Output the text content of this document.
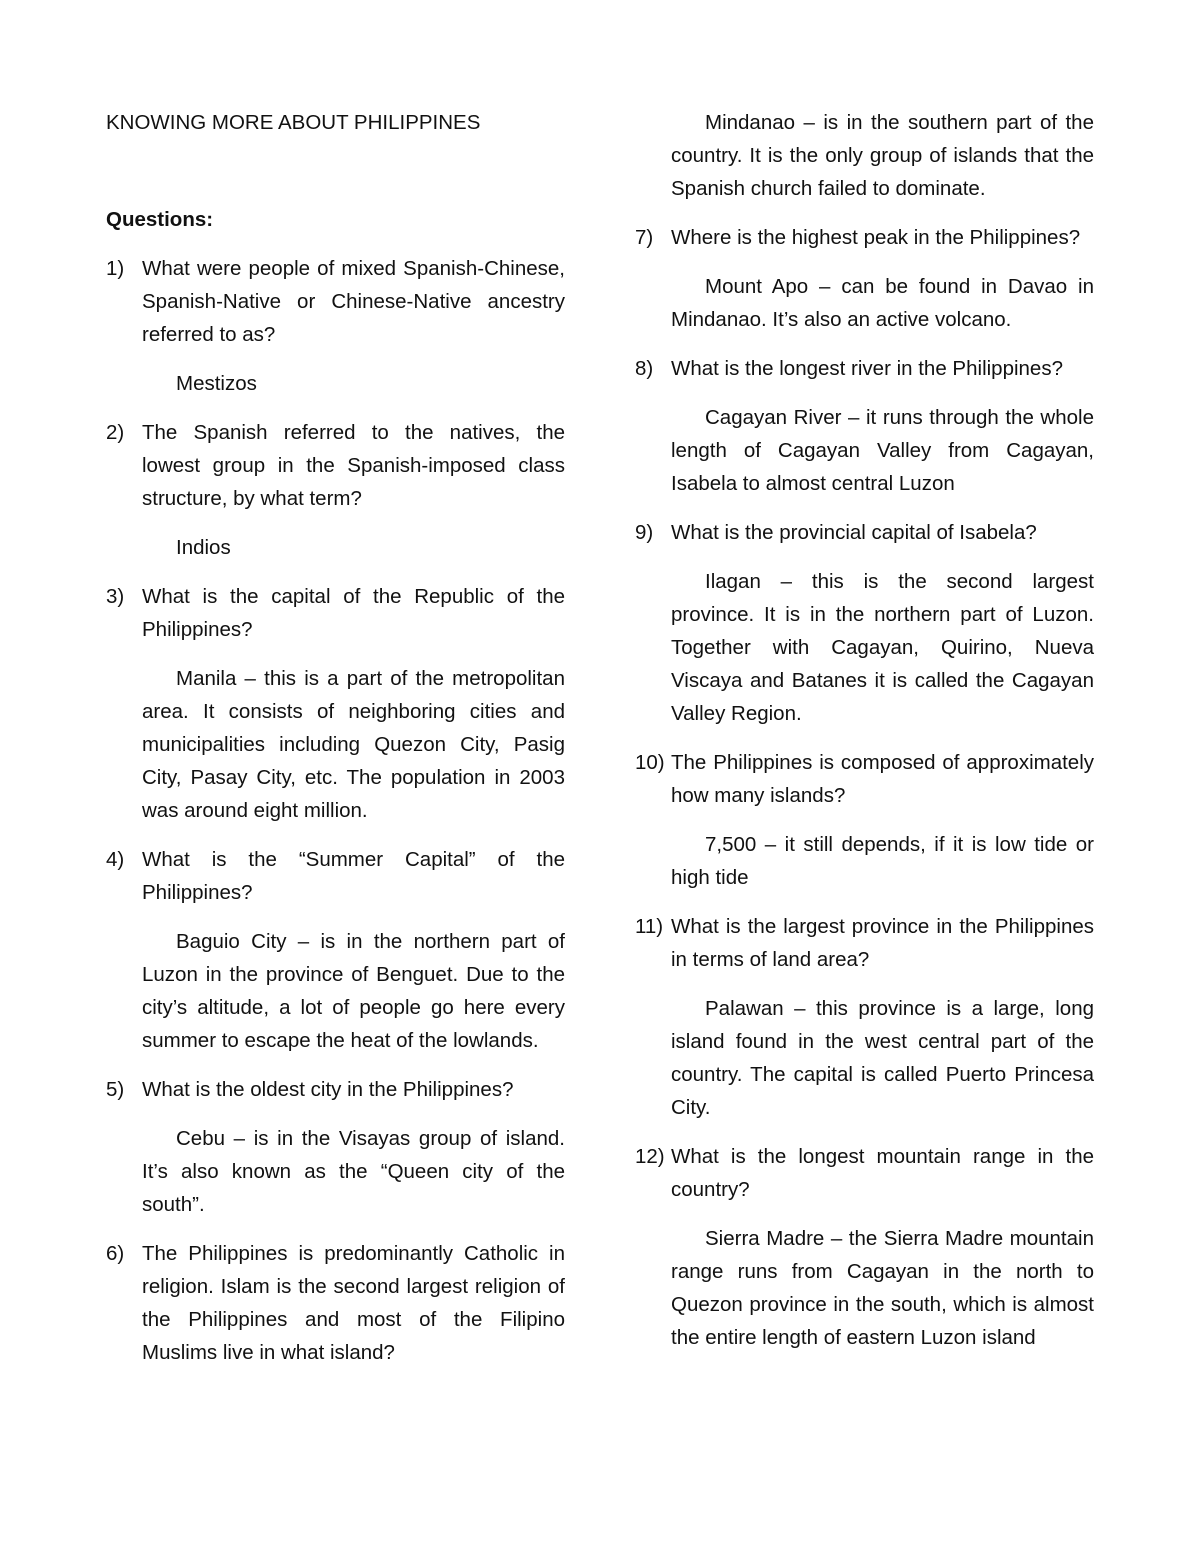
KNOWING MORE ABOUT PHILIPPINES

Questions:

1) What were people of mixed Spanish-Chinese, Spanish-Native or Chinese-Native ancestry referred to as?

Mestizos

2) The Spanish referred to the natives, the lowest group in the Spanish-imposed class structure, by what term?

Indios

3) What is the capital of the Republic of the Philippines?

Manila – this is a part of the metropolitan area. It consists of neighboring cities and municipalities including Quezon City, Pasig City, Pasay City, etc. The population in 2003 was around eight million.

4) What is the “Summer Capital” of the Philippines?

Baguio City – is in the northern part of Luzon in the province of Benguet. Due to the city’s altitude, a lot of people go here every summer to escape the heat of the lowlands.

5) What is the oldest city in the Philippines?

Cebu – is in the Visayas group of island. It’s also known as the “Queen city of the south”.

6) The Philippines is predominantly Catholic in religion. Islam is the second largest religion of the Philippines and most of the Filipino Muslims live in what island?

Mindanao – is in the southern part of the country. It is the only group of islands that the Spanish church failed to dominate.

7) Where is the highest peak in the Philippines?

Mount Apo – can be found in Davao in Mindanao. It’s also an active volcano.

8) What is the longest river in the Philippines?

Cagayan River – it runs through the whole length of Cagayan Valley from Cagayan, Isabela to almost central Luzon

9) What is the provincial capital of Isabela?

Ilagan – this is the second largest province. It is in the northern part of Luzon. Together with Cagayan, Quirino, Nueva Viscaya and Batanes it is called the Cagayan Valley Region.

10) The Philippines is composed of approximately how many islands?

7,500 – it still depends, if it is low tide or high tide

11) What is the largest province in the Philippines in terms of land area?

Palawan – this province is a large, long island found in the west central part of the country. The capital is called Puerto Princesa City.

12) What is the longest mountain range in the country?

Sierra Madre – the Sierra Madre mountain range runs from Cagayan in the north to Quezon province in the south, which is almost the entire length of eastern Luzon island
